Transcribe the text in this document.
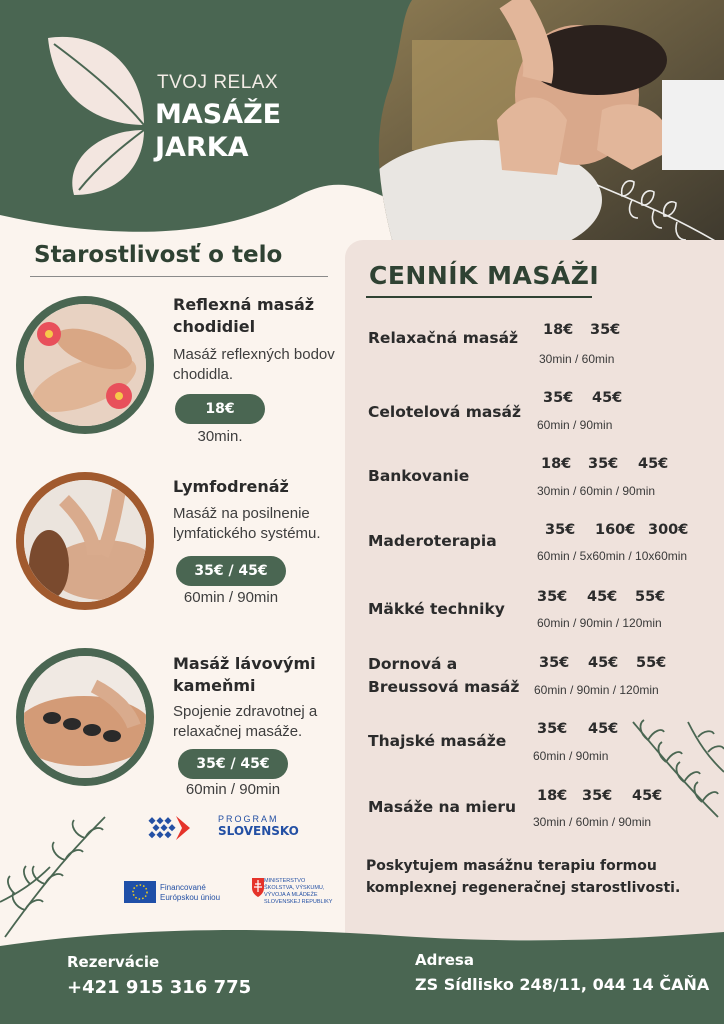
TVOJ RELAX
MASÁŽE
JARKA
Starostlivosť o telo
Reflexná masáž chodidiel
Masáž reflexných bodov chodidla.
18€
30min.
Lymfodrenáž
Masáž na posilnenie lymfatického systému.
35€ / 45€
60min / 90min
Masáž lávovými kameňmi
Spojenie zdravotnej a relaxačnej masáže.
35€ / 45€
60min / 90min
CENNÍK MASÁŽI
Relaxačná masáž	18€ 35€
30min / 60min
Celotelová masáž
35€ 45€
60min / 90min
Bankovanie
18€ 35€ 45€
30min / 60min / 90min
Maderoterapia
35€ 160€ 300€
60min / 5x60min / 10x60min
Mäkké techniky
35€ 45€ 55€
60min / 90min / 120min
Dornová a Breussová masáž
35€ 45€ 55€
60min / 90min / 120min
Thajské masáže
35€ 45€
60min / 90min
Masáže na mieru
18€ 35€ 45€
30min / 60min / 90min
PROGRAM
SLOVENSKO
Financované
Európskou úniou
MINISTERSTVO
ŠKOLSTVA, VÝSKUMU,
VÝVOJA A MLÁDEŽE
SLOVENSKEJ REPUBLIKY
Poskytujem masážnu terapiu formou komplexnej regeneračnej starostlivosti.
Rezervácie
+421 915 316 775
Adresa
ZS Sídlisko 248/11, 044 14 ČAŇA
